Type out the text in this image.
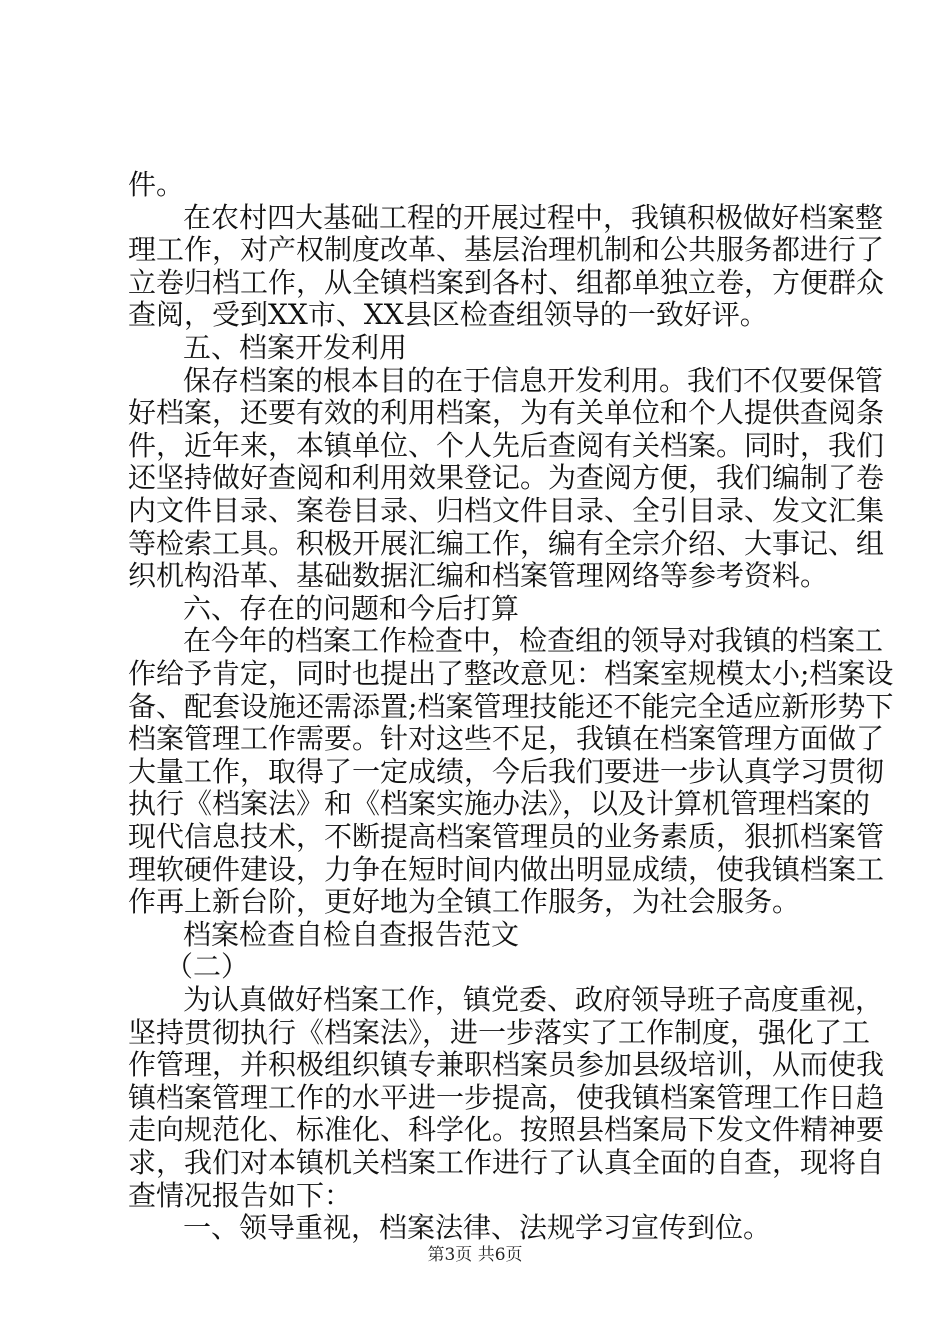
件。

在农村四大基础工程的开展过程中，我镇积极做好档案整

理工作，对产权制度改革、基层治理机制和公共服务都进行了

立卷归档工作，从全镇档案到各村、组都单独立卷，方便群众

查阅，受到XX市、XX县区检查组领导的一致好评。

五、档案开发利用

保存档案的根本目的在于信息开发利用。我们不仅要保管

好档案，还要有效的利用档案，为有关单位和个人提供查阅条

件，近年来，本镇单位、个人先后查阅有关档案。同时，我们

还坚持做好查阅和利用效果登记。为查阅方便，我们编制了卷

内文件目录、案卷目录、归档文件目录、全引目录、发文汇集

等检索工具。积极开展汇编工作，编有全宗介绍、大事记、组

织机构沿革、基础数据汇编和档案管理网络等参考资料。

六、存在的问题和今后打算

在今年的档案工作检查中，检查组的领导对我镇的档案工

作给予肯定，同时也提出了整改意见：档案室规模太小;档案设

备、配套设施还需添置;档案管理技能还不能完全适应新形势下

档案管理工作需要。针对这些不足，我镇在档案管理方面做了

大量工作，取得了一定成绩，今后我们要进一步认真学习贯彻

执行《档案法》和《档案实施办法》，以及计算机管理档案的

现代信息技术，不断提高档案管理员的业务素质，狠抓档案管

理软硬件建设，力争在短时间内做出明显成绩，使我镇档案工

作再上新台阶，更好地为全镇工作服务，为社会服务。

档案检查自检自查报告范文

（二）

为认真做好档案工作，镇党委、政府领导班子高度重视，

坚持贯彻执行《档案法》，进一步落实了工作制度，强化了工

作管理，并积极组织镇专兼职档案员参加县级培训，从而使我

镇档案管理工作的水平进一步提高，使我镇档案管理工作日趋

走向规范化、标准化、科学化。按照县档案局下发文件精神要

求，我们对本镇机关档案工作进行了认真全面的自查，现将自

查情况报告如下：

一、领导重视，档案法律、法规学习宣传到位。

第3页 共6页
